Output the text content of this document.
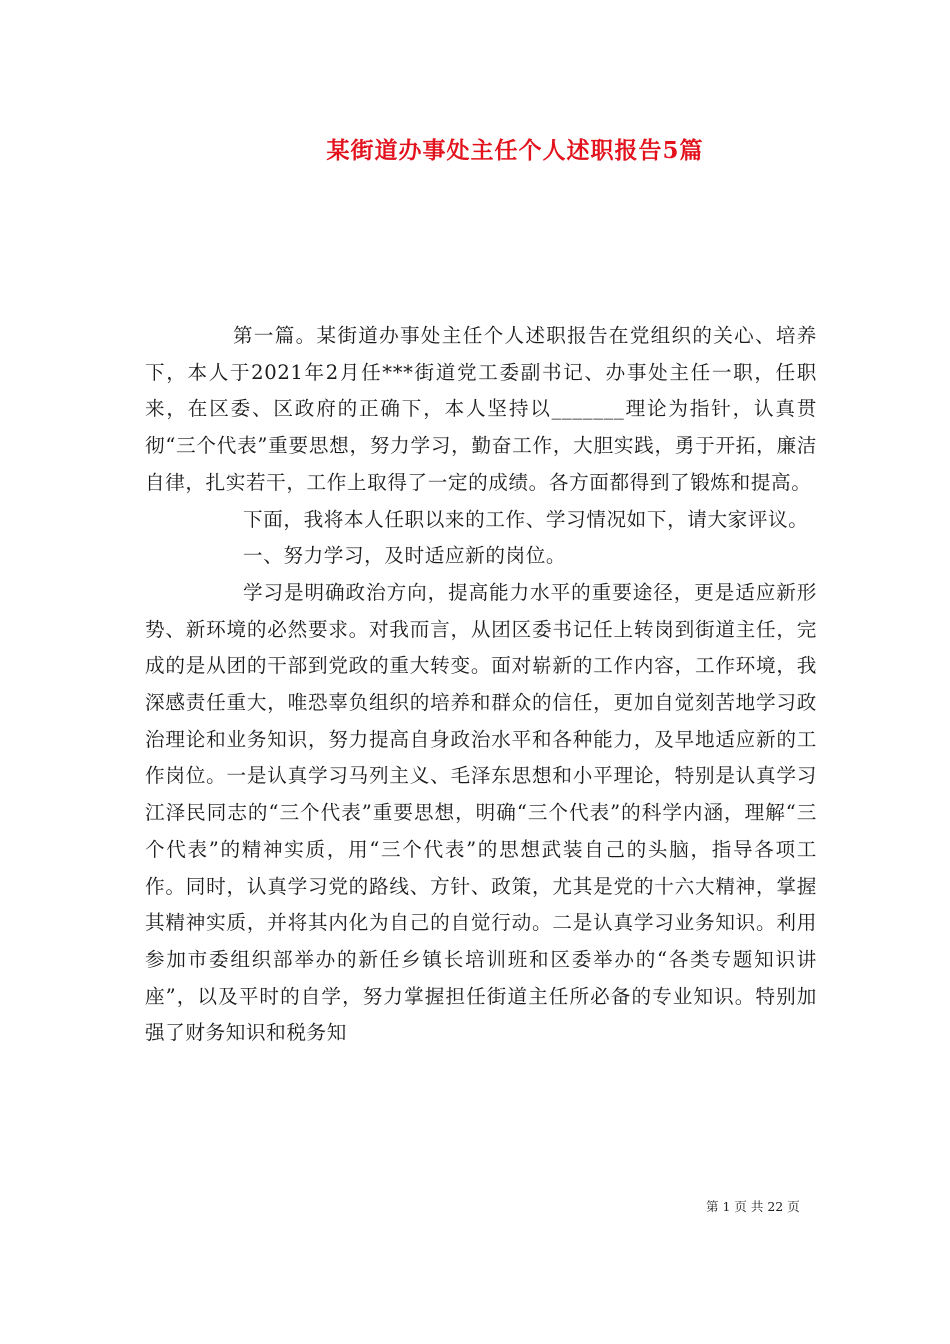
某街道办事处主任个人述职报告5篇

第一篇。某街道办事处主任个人述职报告在党组织的关心、培养下，本人于2021年2月任***街道党工委副书记、办事处主任一职，任职来，在区委、区政府的正确下，本人坚持以_______理论为指针，认真贯彻“三个代表”重要思想，努力学习，勤奋工作，大胆实践，勇于开拓，廉洁自律，扎实若干，工作上取得了一定的成绩。各方面都得到了锻炼和提高。

下面，我将本人任职以来的工作、学习情况如下，请大家评议。

一、努力学习，及时适应新的岗位。

学习是明确政治方向，提高能力水平的重要途径，更是适应新形势、新环境的必然要求。对我而言，从团区委书记任上转岗到街道主任，完成的是从团的干部到党政的重大转变。面对崭新的工作内容，工作环境，我深感责任重大，唯恐辜负组织的培养和群众的信任，更加自觉刻苦地学习政治理论和业务知识，努力提高自身政治水平和各种能力，及早地适应新的工作岗位。一是认真学习马列主义、毛泽东思想和小平理论，特别是认真学习江泽民同志的“三个代表”重要思想，明确“三个代表”的科学内涵，理解“三个代表”的精神实质，用“三个代表”的思想武装自己的头脑，指导各项工作。同时，认真学习党的路线、方针、政策，尤其是党的十六大精神，掌握其精神实质，并将其内化为自己的自觉行动。二是认真学习业务知识。利用参加市委组织部举办的新任乡镇长培训班和区委举办的“各类专题知识讲座”，以及平时的自学，努力掌握担任街道主任所必备的专业知识。特别加强了财务知识和税务知

第 1 页 共 22 页
